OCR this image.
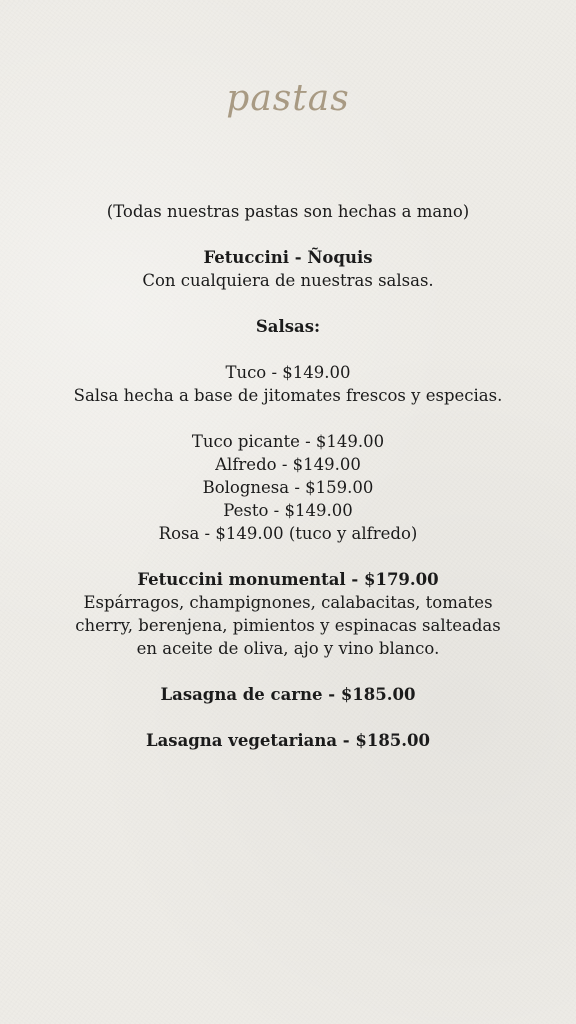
pastas
(Todas nuestras pastas son hechas a mano)
Fetuccini - Ñoquis
Con cualquiera de nuestras salsas.
Salsas:
Tuco - $149.00
Salsa hecha a base de jitomates frescos y especias.
Tuco picante - $149.00
Alfredo - $149.00
Bolognesa - $159.00
Pesto - $149.00
Rosa - $149.00 (tuco y alfredo)
Fetuccini monumental - $179.00
Espárragos, champignones, calabacitas, tomates
cherry, berenjena, pimientos y espinacas salteadas
en aceite de oliva, ajo y vino blanco.
Lasagna de carne - $185.00
Lasagna vegetariana - $185.00
